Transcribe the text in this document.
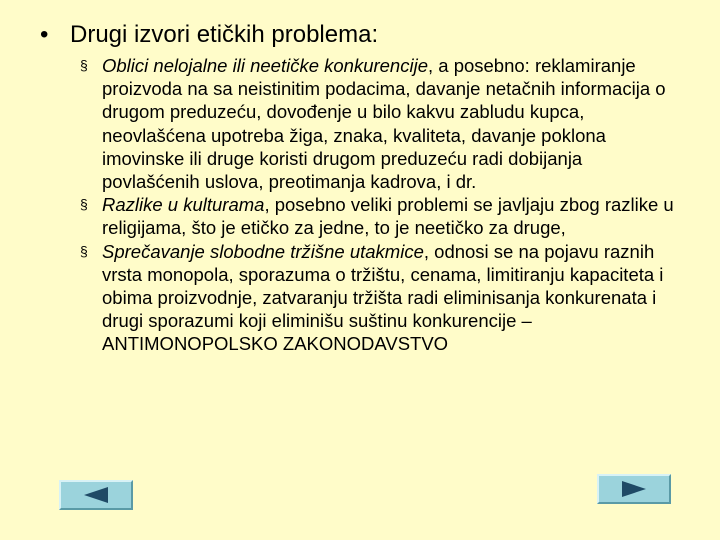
• Drugi izvori etičkih problema:
§ Oblici nelojalne ili neetičke konkurencije, a posebno: reklamiranje proizvoda na sa neistinitim podacima, davanje netačnih informacija o drugom preduzeću, dovođenje u bilo kakvu zabludu kupca, neovlašćena upotreba žiga, znaka, kvaliteta, davanje poklona imovinske ili druge koristi drugom preduzeću radi dobijanja povlašćenih uslova, preotimanja kadrova, i dr.
§ Razlike u kulturama, posebno veliki problemi se javljaju zbog razlike u religijama, što je etičko za jedne, to je neetičko za druge,
§ Sprečavanje slobodne tržišne utakmice, odnosi se na pojavu raznih vrsta monopola, sporazuma o tržištu, cenama, limitiranju kapaciteta i obima proizvodnje, zatvaranju tržišta radi eliminisanja konkurenata i drugi sporazumi koji eliminišu suštinu konkurencije – ANTIMONOPOLSKO ZAKONODAVSTVO
